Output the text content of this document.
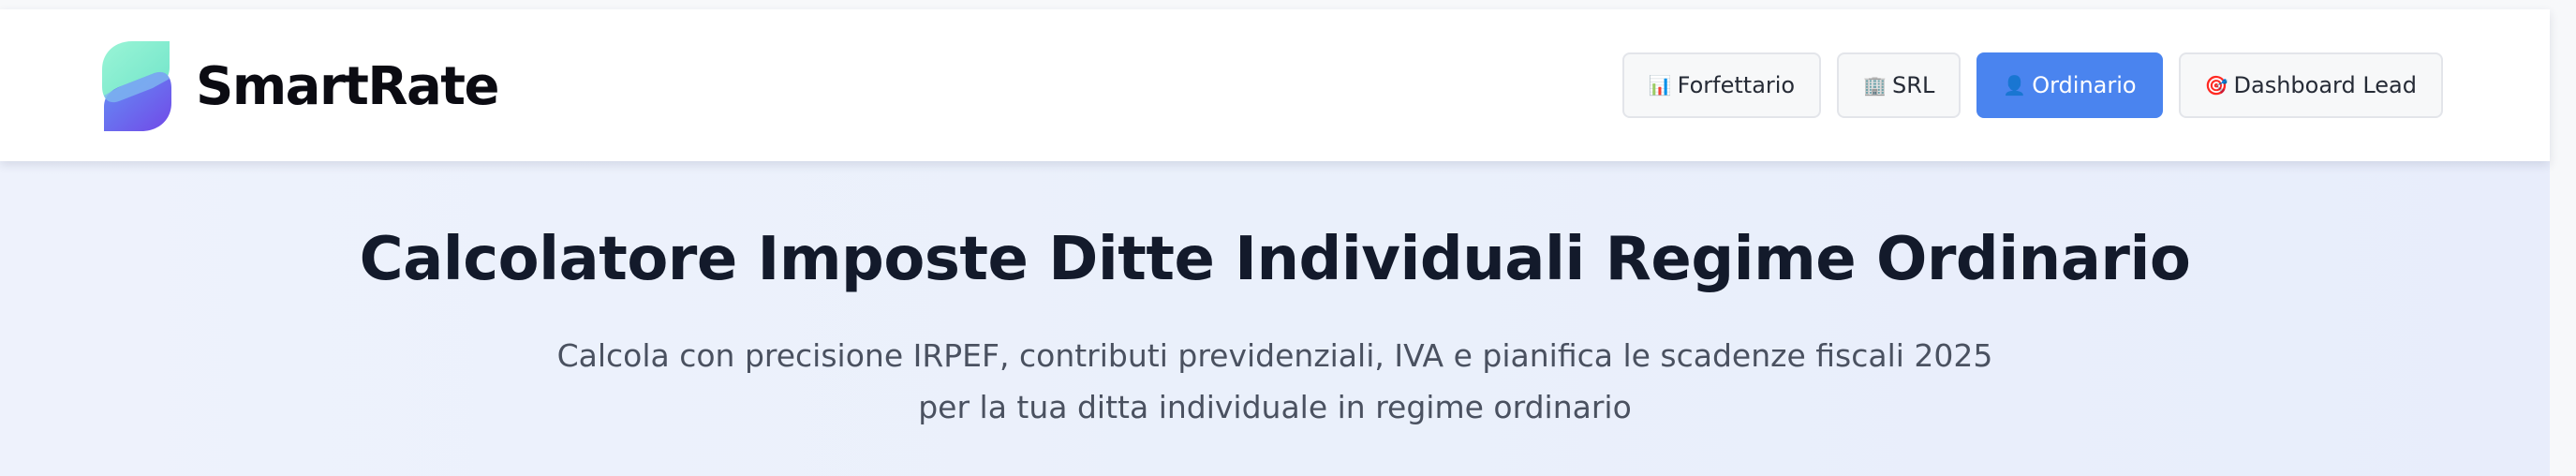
SmartRate	📊 Forfettario	🏢 SRL	👤 Ordinario	🎯 Dashboard Lead
Calcolatore Imposte Ditte Individuali Regime Ordinario
Calcola con precisione IRPEF, contributi previdenziali, IVA e pianifica le scadenze fiscali 2025
per la tua ditta individuale in regime ordinario
